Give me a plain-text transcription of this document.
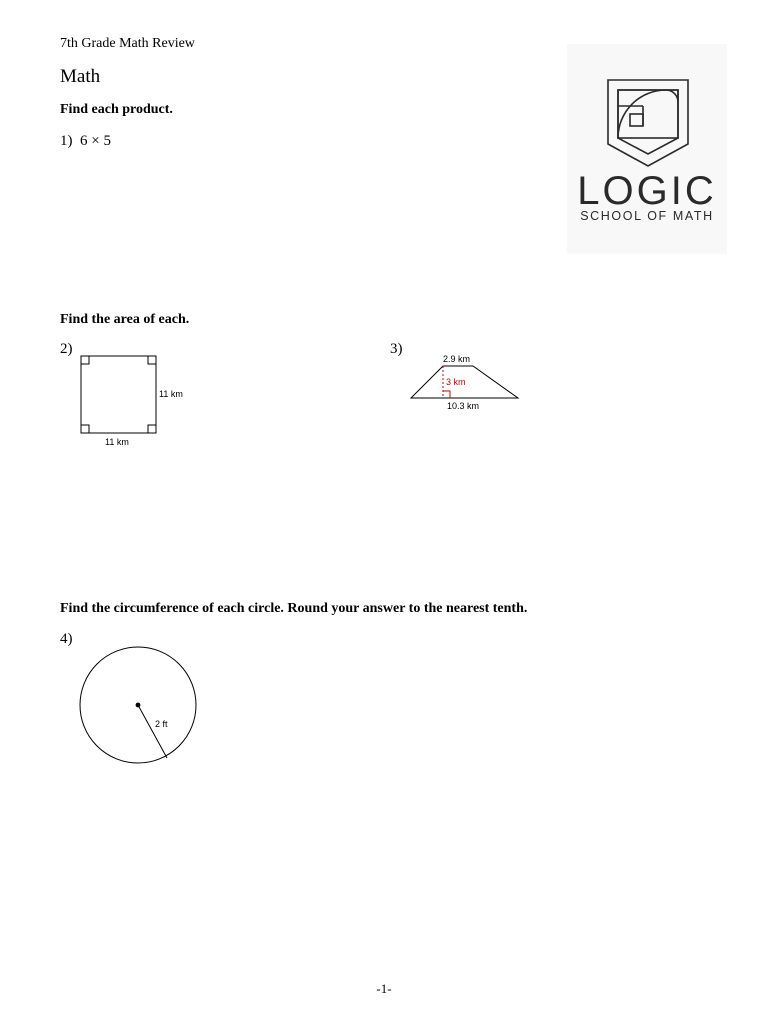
7th Grade Math Review
Math
LOGIC
SCHOOL OF MATH
Find each product.
1) 6 × 5
Find the area of each.
2)
11 km
11 km
3)
2.9 km
3 km
10.3 km
Find the circumference of each circle. Round your answer to the nearest tenth.
4)
2 ft
-1-
